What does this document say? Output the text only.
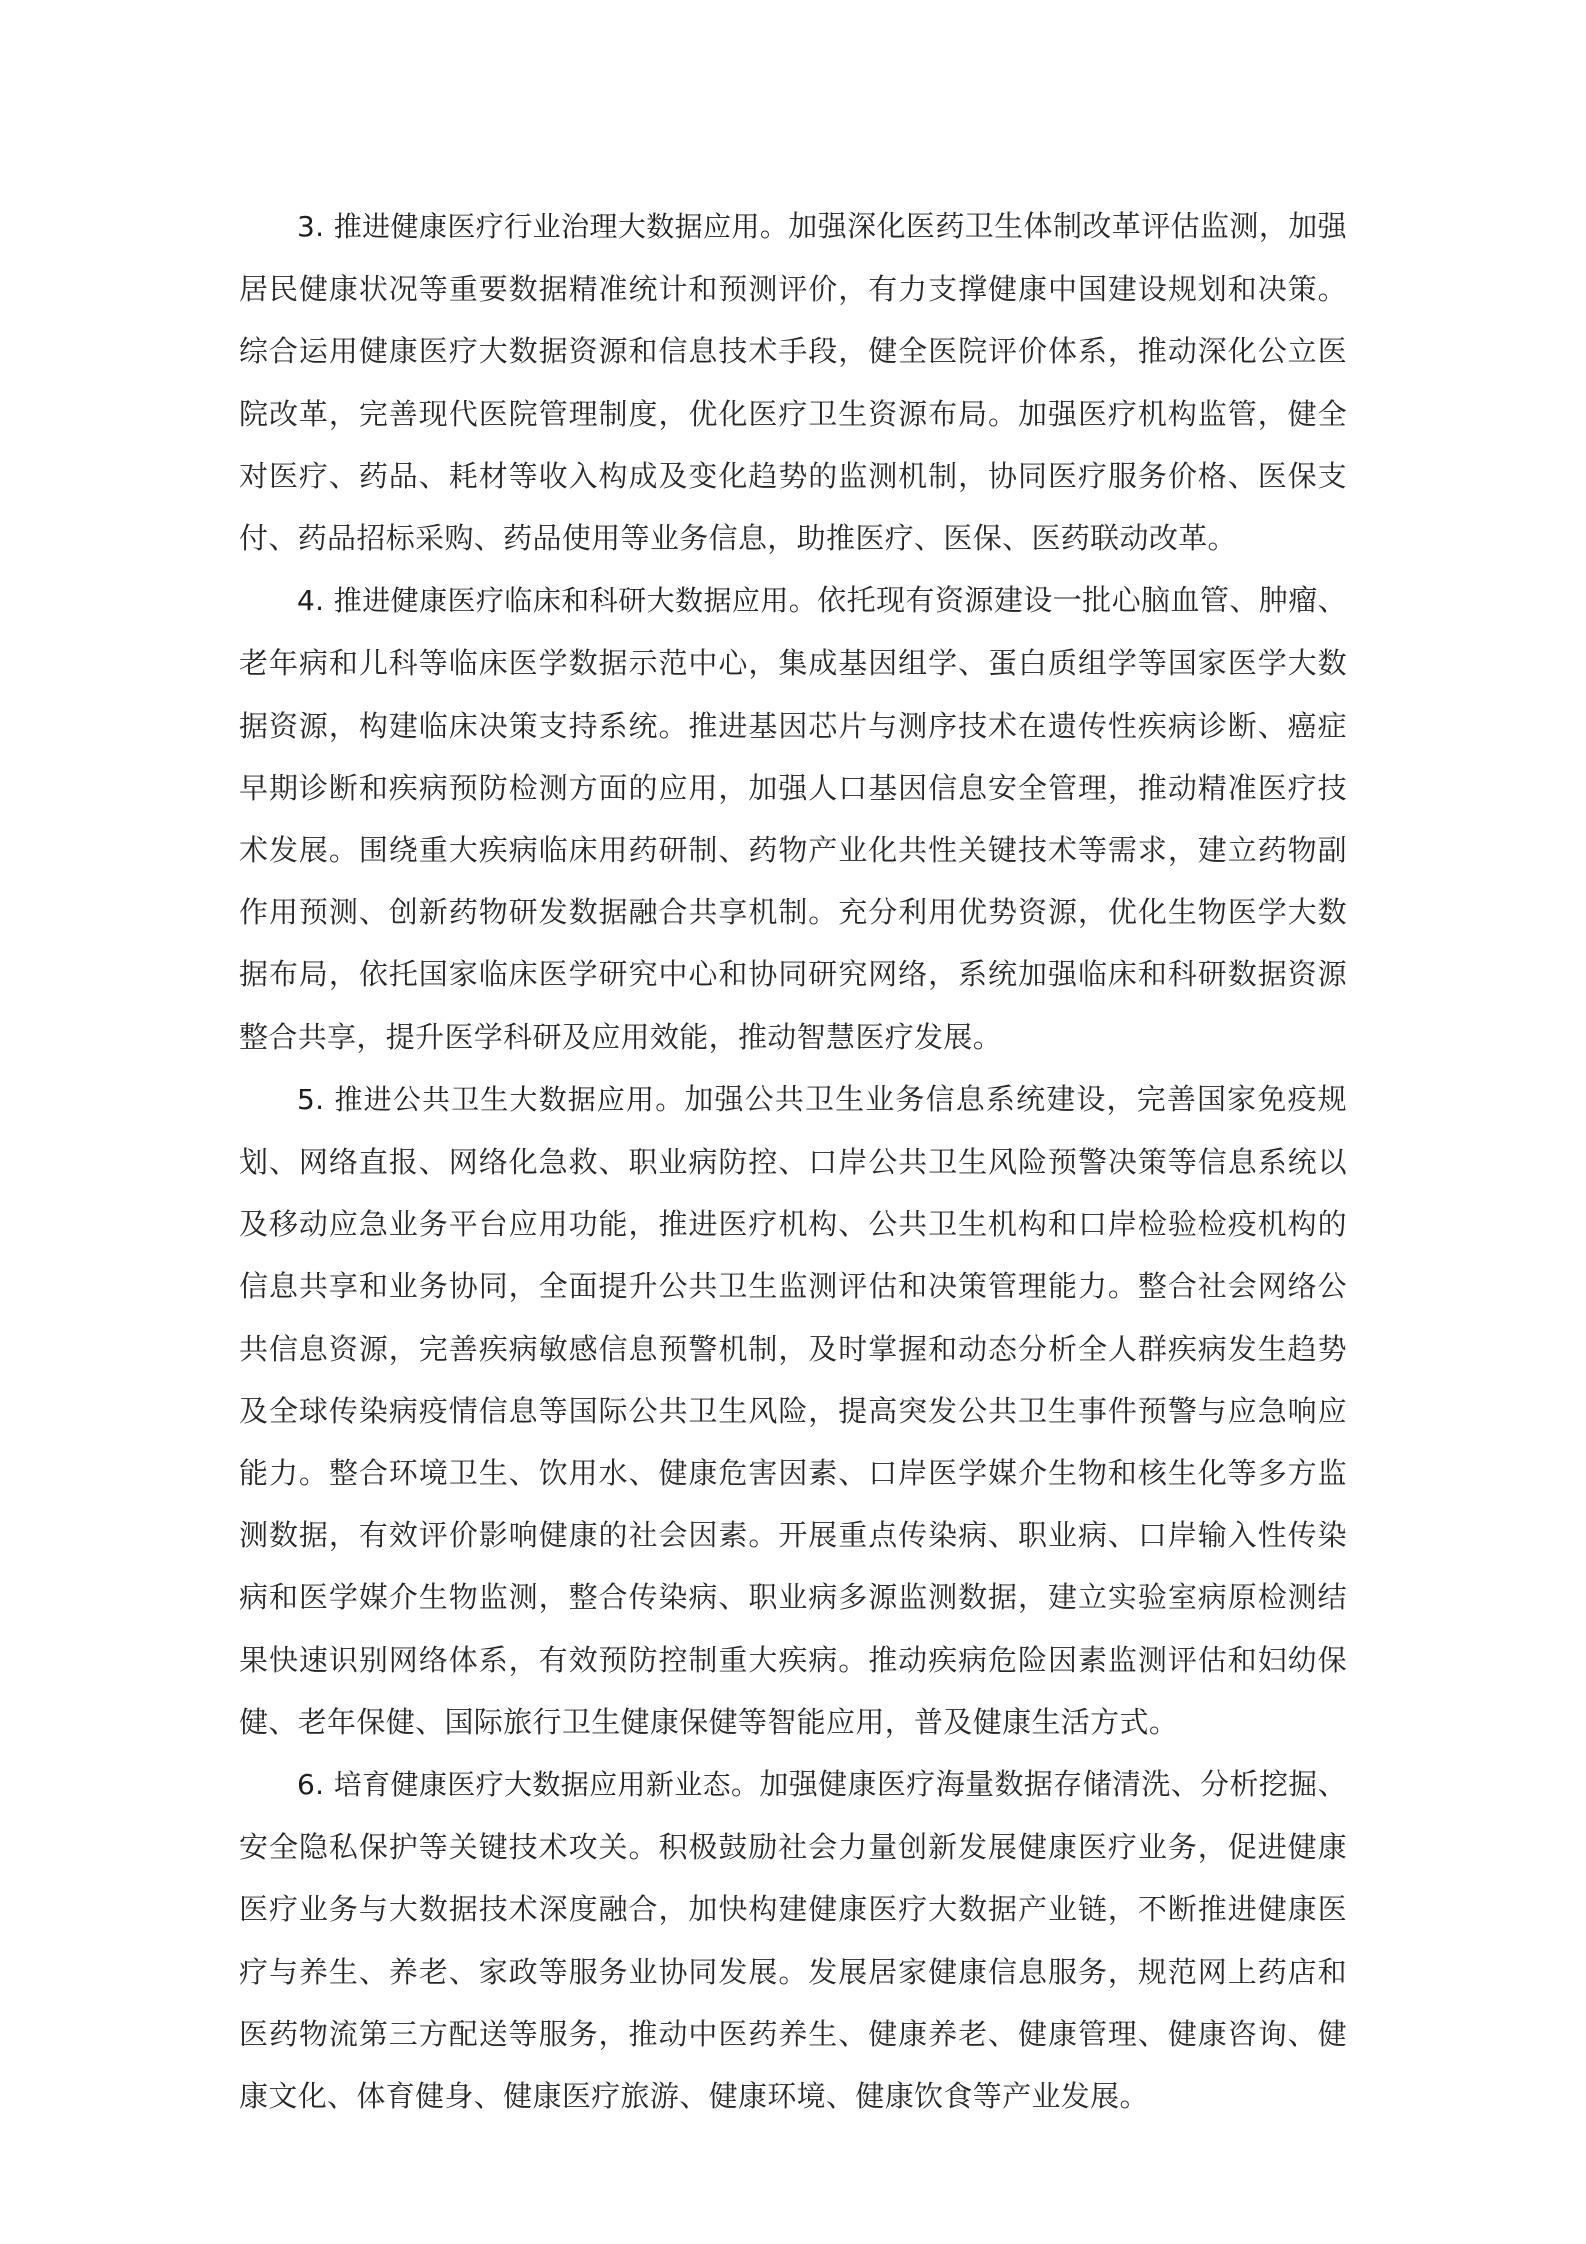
3. 推进健康医疗行业治理大数据应用。加强深化医药卫生体制改革评估监测，加强居民健康状况等重要数据精准统计和预测评价，有力支撑健康中国建设规划和决策。综合运用健康医疗大数据资源和信息技术手段，健全医院评价体系，推动深化公立医院改革，完善现代医院管理制度，优化医疗卫生资源布局。加强医疗机构监管，健全对医疗、药品、耗材等收入构成及变化趋势的监测机制，协同医疗服务价格、医保支付、药品招标采购、药品使用等业务信息，助推医疗、医保、医药联动改革。

4. 推进健康医疗临床和科研大数据应用。依托现有资源建设一批心脑血管、肿瘤、老年病和儿科等临床医学数据示范中心，集成基因组学、蛋白质组学等国家医学大数据资源，构建临床决策支持系统。推进基因芯片与测序技术在遗传性疾病诊断、癌症早期诊断和疾病预防检测方面的应用，加强人口基因信息安全管理，推动精准医疗技术发展。围绕重大疾病临床用药研制、药物产业化共性关键技术等需求，建立药物副作用预测、创新药物研发数据融合共享机制。充分利用优势资源，优化生物医学大数据布局，依托国家临床医学研究中心和协同研究网络，系统加强临床和科研数据资源整合共享，提升医学科研及应用效能，推动智慧医疗发展。

5. 推进公共卫生大数据应用。加强公共卫生业务信息系统建设，完善国家免疫规划、网络直报、网络化急救、职业病防控、口岸公共卫生风险预警决策等信息系统以及移动应急业务平台应用功能，推进医疗机构、公共卫生机构和口岸检验检疫机构的信息共享和业务协同，全面提升公共卫生监测评估和决策管理能力。整合社会网络公共信息资源，完善疾病敏感信息预警机制，及时掌握和动态分析全人群疾病发生趋势及全球传染病疫情信息等国际公共卫生风险，提高突发公共卫生事件预警与应急响应能力。整合环境卫生、饮用水、健康危害因素、口岸医学媒介生物和核生化等多方监测数据，有效评价影响健康的社会因素。开展重点传染病、职业病、口岸输入性传染病和医学媒介生物监测，整合传染病、职业病多源监测数据，建立实验室病原检测结果快速识别网络体系，有效预防控制重大疾病。推动疾病危险因素监测评估和妇幼保健、老年保健、国际旅行卫生健康保健等智能应用，普及健康生活方式。

6. 培育健康医疗大数据应用新业态。加强健康医疗海量数据存储清洗、分析挖掘、安全隐私保护等关键技术攻关。积极鼓励社会力量创新发展健康医疗业务，促进健康医疗业务与大数据技术深度融合，加快构建健康医疗大数据产业链，不断推进健康医疗与养生、养老、家政等服务业协同发展。发展居家健康信息服务，规范网上药店和医药物流第三方配送等服务，推动中医药养生、健康养老、健康管理、健康咨询、健康文化、体育健身、健康医疗旅游、健康环境、健康饮食等产业发展。
